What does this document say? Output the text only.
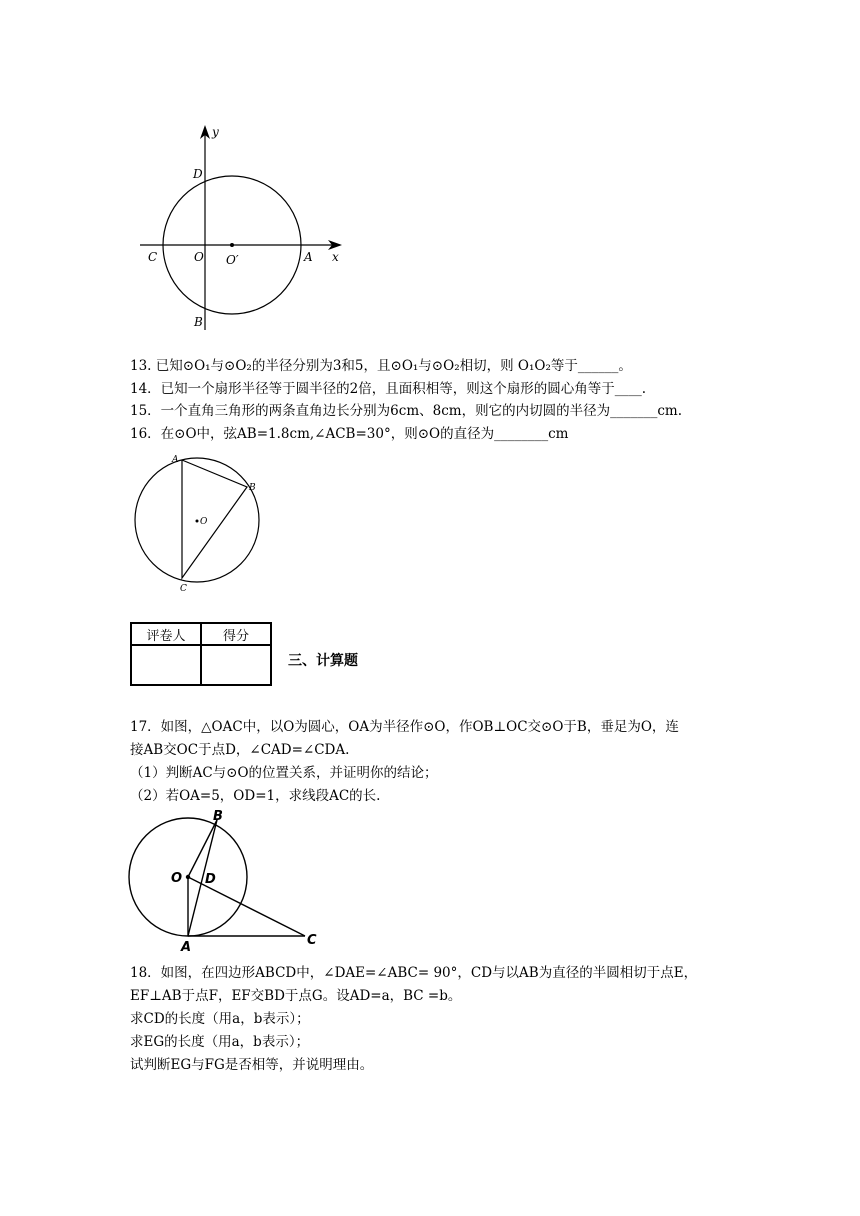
y
x
D
C	O O′	A
B
13. 已知⊙O₁与⊙O₂的半径分别为3和5，且⊙O₁与⊙O₂相切，则 O₁O₂等于______。
14．已知一个扇形半径等于圆半径的2倍，且面积相等，则这个扇形的圆心角等于____.
15．一个直角三角形的两条直角边长分别为6cm、8cm，则它的内切圆的半径为_______cm.
16．在⊙O中，弦AB=1.8cm,∠ACB=30°，则⊙O的直径为________cm
A
B
C
O
评卷人	得分

三、计算题
17．如图，△OAC中，以O为圆心，OA为半径作⊙O，作OB⊥OC交⊙O于B，垂足为O，连
接AB交OC于点D，∠CAD=∠CDA.
（1）判断AC与⊙O的位置关系，并证明你的结论；
（2）若OA=5，OD=1，求线段AC的长.
B
O D
A	C
18．如图，在四边形ABCD中，∠DAE=∠ABC= 90°，CD与以AB为直径的半圆相切于点E，
EF⊥AB于点F，EF交BD于点G。设AD=a，BC =b。
求CD的长度（用a，b表示）；
求EG的长度（用a，b表示）；
试判断EG与FG是否相等，并说明理由。
